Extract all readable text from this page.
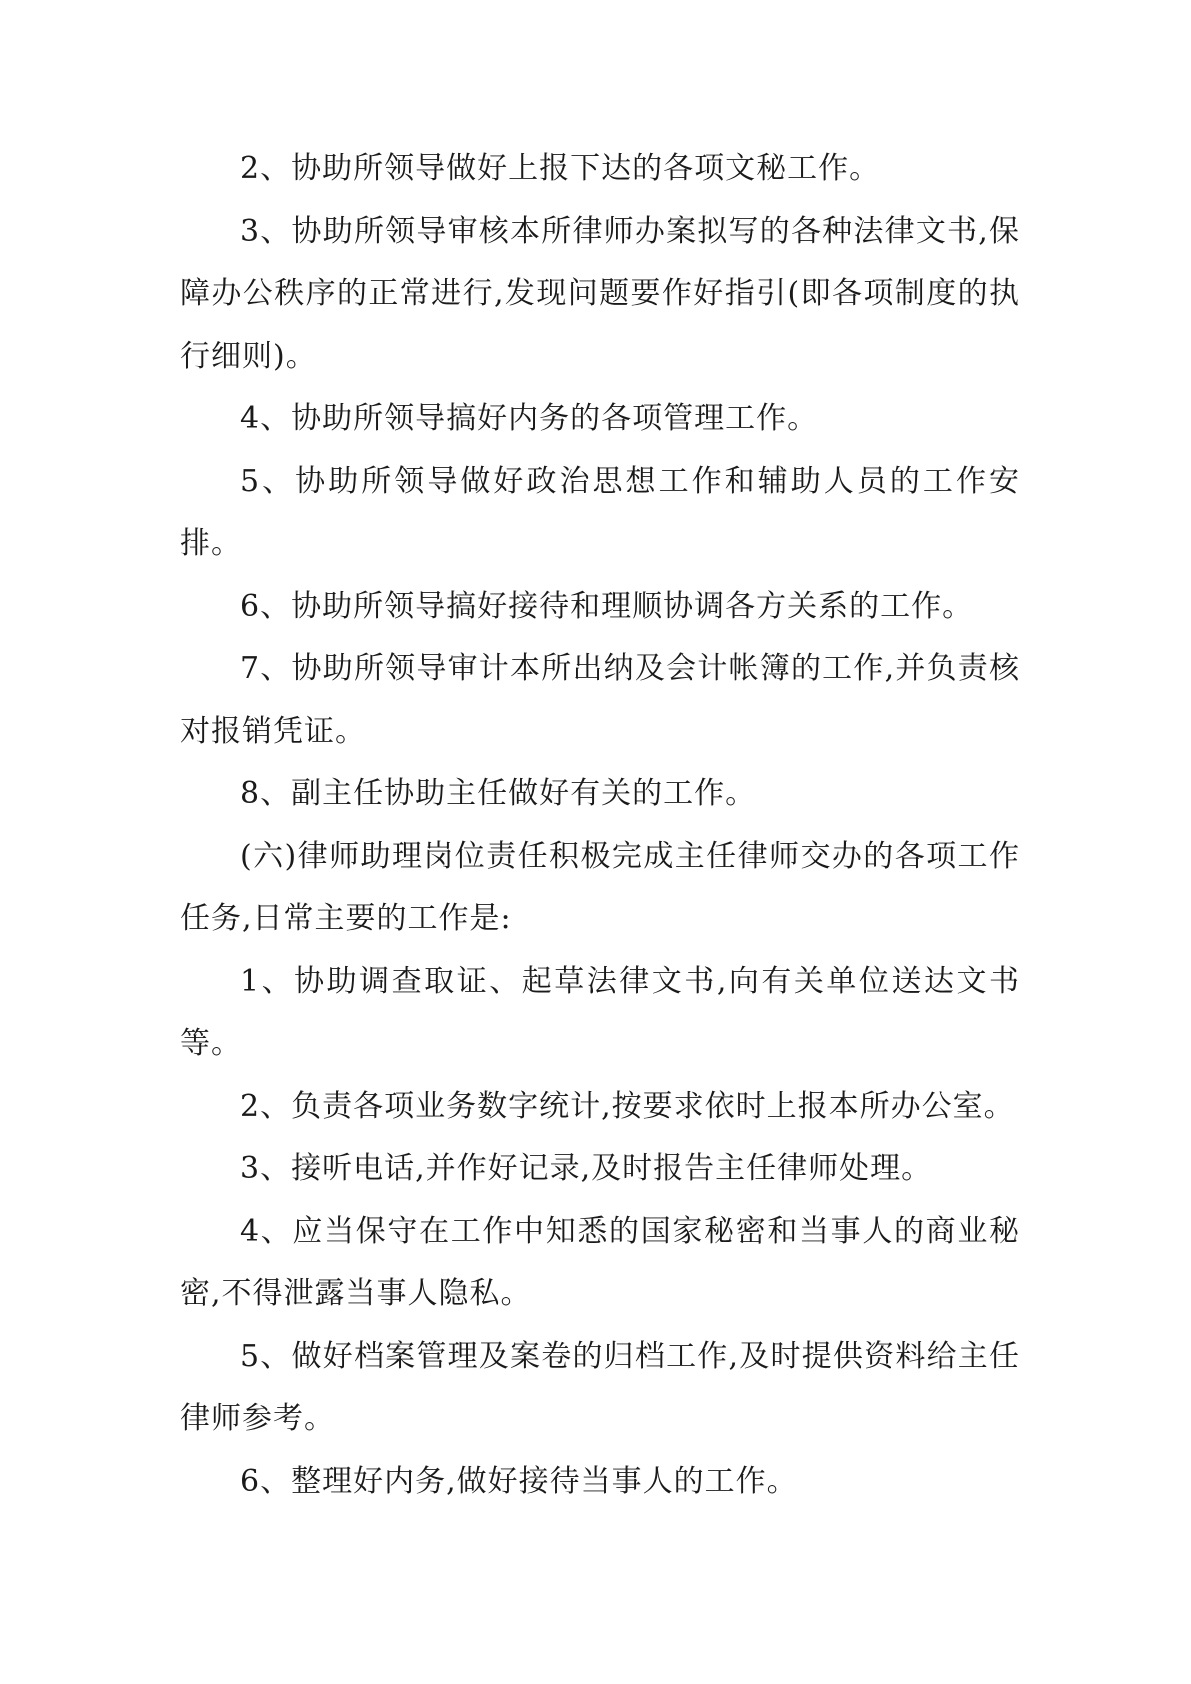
2、协助所领导做好上报下达的各项文秘工作。

3、协助所领导审核本所律师办案拟写的各种法律文书,保障办公秩序的正常进行,发现问题要作好指引(即各项制度的执行细则)。

4、协助所领导搞好内务的各项管理工作。

5、协助所领导做好政治思想工作和辅助人员的工作安排。

6、协助所领导搞好接待和理顺协调各方关系的工作。

7、协助所领导审计本所出纳及会计帐簿的工作,并负责核对报销凭证。

8、副主任协助主任做好有关的工作。

(六)律师助理岗位责任积极完成主任律师交办的各项工作任务,日常主要的工作是:

1、协助调查取证、起草法律文书,向有关单位送达文书等。

2、负责各项业务数字统计,按要求依时上报本所办公室。

3、接听电话,并作好记录,及时报告主任律师处理。

4、应当保守在工作中知悉的国家秘密和当事人的商业秘密,不得泄露当事人隐私。

5、做好档案管理及案卷的归档工作,及时提供资料给主任律师参考。

6、整理好内务,做好接待当事人的工作。
